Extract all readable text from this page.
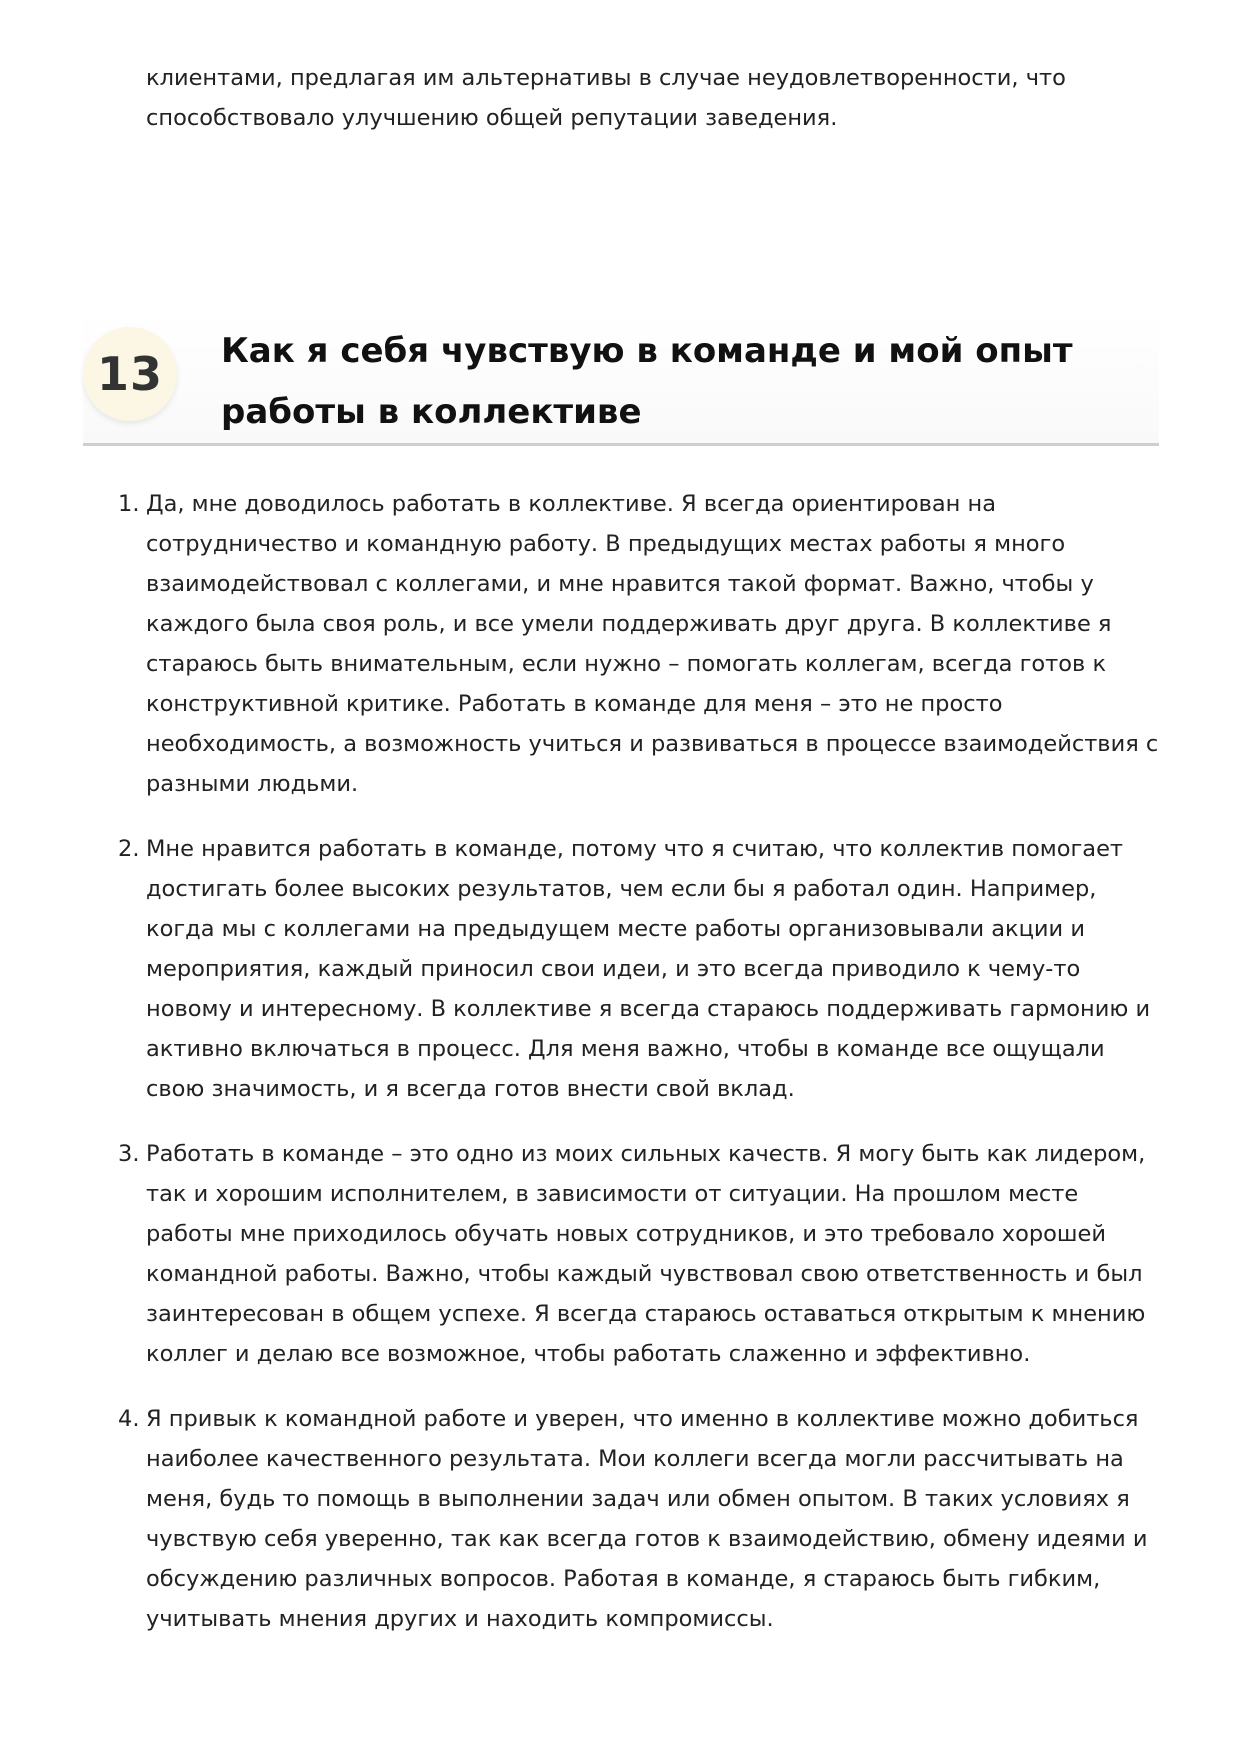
клиентами, предлагая им альтернативы в случае неудовлетворенности, что способствовало улучшению общей репутации заведения.

13	Как я себя чувствую в команде и мой опыт работы в коллективе
1. Да, мне доводилось работать в коллективе. Я всегда ориентирован на сотрудничество и командную работу. В предыдущих местах работы я много взаимодействовал с коллегами, и мне нравится такой формат. Важно, чтобы у каждого была своя роль, и все умели поддерживать друг друга. В коллективе я стараюсь быть внимательным, если нужно – помогать коллегам, всегда готов к конструктивной критике. Работать в команде для меня – это не просто необходимость, а возможность учиться и развиваться в процессе взаимодействия с разными людьми.
2. Мне нравится работать в команде, потому что я считаю, что коллектив помогает достигать более высоких результатов, чем если бы я работал один. Например, когда мы с коллегами на предыдущем месте работы организовывали акции и мероприятия, каждый приносил свои идеи, и это всегда приводило к чему-то новому и интересному. В коллективе я всегда стараюсь поддерживать гармонию и активно включаться в процесс. Для меня важно, чтобы в команде все ощущали свою значимость, и я всегда готов внести свой вклад.
3. Работать в команде – это одно из моих сильных качеств. Я могу быть как лидером, так и хорошим исполнителем, в зависимости от ситуации. На прошлом месте работы мне приходилось обучать новых сотрудников, и это требовало хорошей командной работы. Важно, чтобы каждый чувствовал свою ответственность и был заинтересован в общем успехе. Я всегда стараюсь оставаться открытым к мнению коллег и делаю все возможное, чтобы работать слаженно и эффективно.
4. Я привык к командной работе и уверен, что именно в коллективе можно добиться наиболее качественного результата. Мои коллеги всегда могли рассчитывать на меня, будь то помощь в выполнении задач или обмен опытом. В таких условиях я чувствую себя уверенно, так как всегда готов к взаимодействию, обмену идеями и обсуждению различных вопросов. Работая в команде, я стараюсь быть гибким, учитывать мнения других и находить компромиссы.
